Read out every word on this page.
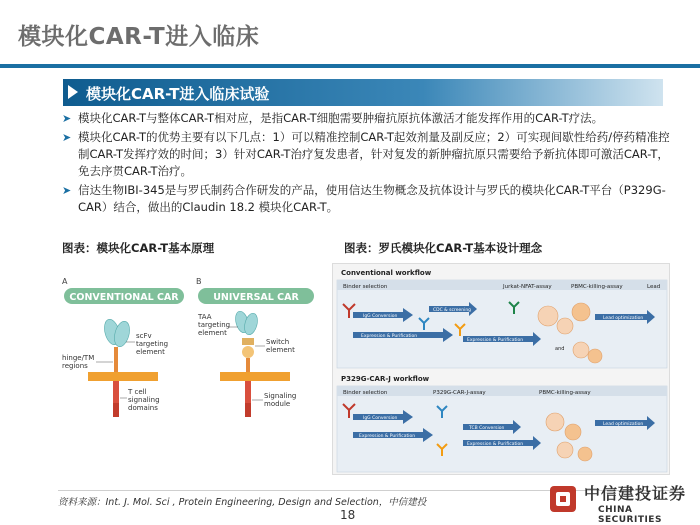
模块化CAR-T进入临床
模块化CAR-T进入临床试验
➤ 模块化CAR-T与整体CAR-T相对应，是指CAR-T细胞需要肿瘤抗原抗体激活才能发挥作用的CAR-T疗法。
➤ 模块化CAR-T的优势主要有以下几点：1）可以精准控制CAR-T起效剂量及副反应；2）可实现间歇性给药/停药精准控制CAR-T发挥疗效的时间；3）针对CAR-T治疗复发患者，针对复发的新肿瘤抗原只需要给予新抗体即可激活CAR-T，免去序贯CAR-T治疗。
➤ 信达生物IBI-345是与罗氏制药合作研发的产品，使用信达生物概念及抗体设计与罗氏的模块化CAR-T平台（P329G-CAR）结合，做出的Claudin 18.2 模块化CAR-T。
图表：模块化CAR-T基本原理	图表：罗氏模块化CAR-T基本设计理念
A
CONVENTIONAL CAR
scFv
targeting
element
hinge/TM
regions
T cell
signaling
domains
B
UNIVERSAL CAR
TAA
targeting
element
Switch
element
Signaling
module
Conventional workflow
Binder selection	Jurkat-NFAT-assay	PBMC-killing-assay	Lead
IgG Conversion
Expression & Purification
CDC & screening
Expression & Purification
Lead optimization
and
P329G-CAR-J workflow
Binder selection	P329G-CAR-J-assay	PBMC-killing-assay
IgG Conversion
Expression & Purification
TCB Conversion
Expression & Purification
Lead optimization
资料来源：Int. J. Mol. Sci , Protein Engineering, Design and Selection，中信建投
18
中信建投证券
CHINA SECURITIES
